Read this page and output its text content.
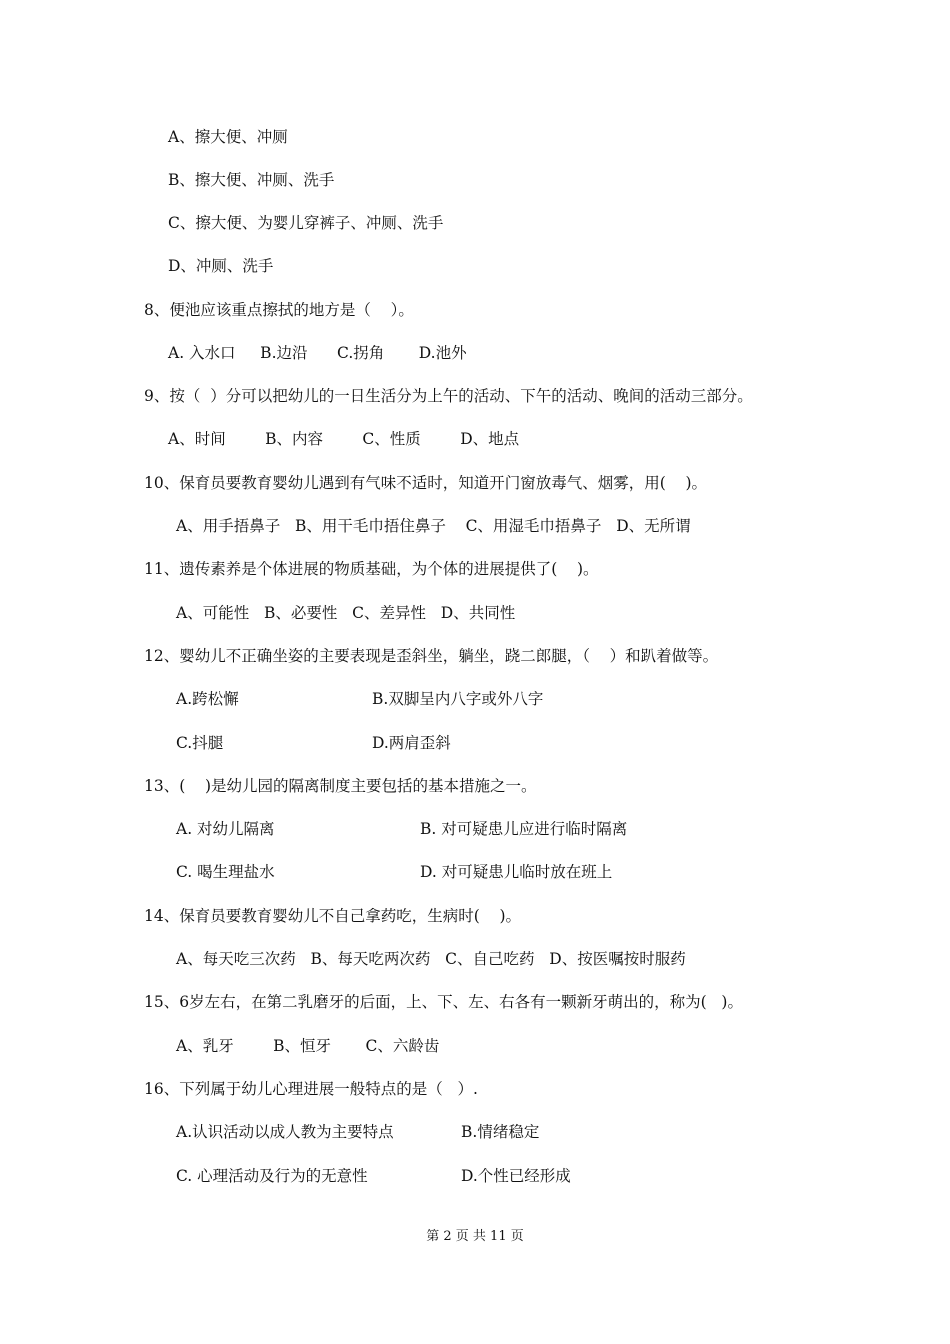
A、擦大便、冲厕
B、擦大便、冲厕、洗手
C、擦大便、为婴儿穿裤子、冲厕、洗手
D、冲厕、洗手
8、便池应该重点擦拭的地方是（    ）。
A. 入水口     B.边沿      C.拐角       D.池外
9、按（  ）分可以把幼儿的一日生活分为上午的活动、下午的活动、晚间的活动三部分。
A、时间        B、内容        C、性质        D、地点
10、保育员要教育婴幼儿遇到有气味不适时，知道开门窗放毒气、烟雾，用(    )。
A、用手捂鼻子   B、用干毛巾捂住鼻子    C、用湿毛巾捂鼻子   D、无所谓
11、遗传素养是个体进展的物质基础，为个体的进展提供了(    )。
A、可能性   B、必要性   C、差异性   D、共同性
12、婴幼儿不正确坐姿的主要表现是歪斜坐，躺坐，跷二郎腿，（    ）和趴着做等。
A.跨松懈	B.双脚呈内八字或外八字
C.抖腿	D.两肩歪斜
13、(    )是幼儿园的隔离制度主要包括的基本措施之一。
A. 对幼儿隔离	B. 对可疑患儿应进行临时隔离
C. 喝生理盐水	D. 对可疑患儿临时放在班上
14、保育员要教育婴幼儿不自己拿药吃，生病时(    )。
A、每天吃三次药   B、每天吃两次药   C、自己吃药   D、按医嘱按时服药
15、6岁左右，在第二乳磨牙的后面，上、下、左、右各有一颗新牙萌出的，称为(   )。
A、乳牙        B、恒牙       C、六龄齿
16、下列属于幼儿心理进展一般特点的是（   ）.
A.认识活动以成人教为主要特点	B.情绪稳定
C. 心理活动及行为的无意性	D.个性已经形成
第 2 页 共 11 页
